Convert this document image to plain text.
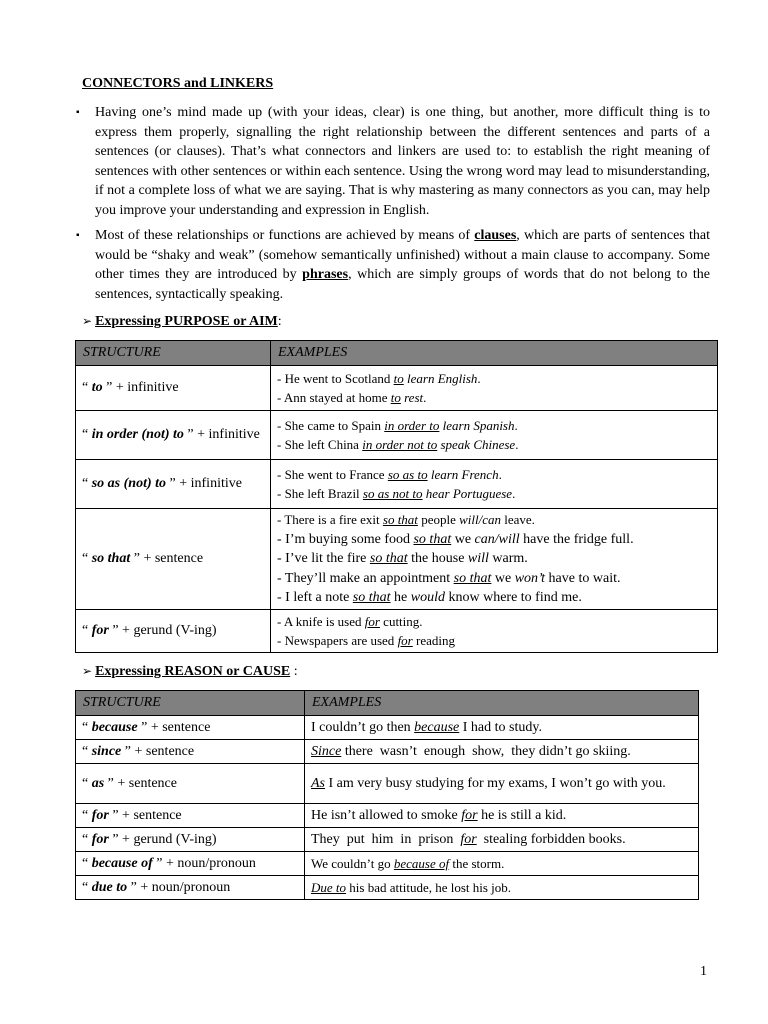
CONNECTORS and LINKERS
▪ Having one’s mind made up (with your ideas, clear) is one thing, but another, more difficult thing is to express them properly, signalling the right relationship between the different sentences and parts of a sentences (or clauses). That’s what connectors and linkers are used to: to establish the right meaning of sentences with other sentences or within each sentence. Using the wrong word may lead to misunderstanding, if not a complete loss of what we are saying. That is why mastering as many connectors as you can, may help you improve your understanding and expression in English.
▪ Most of these relationships or functions are achieved by means of clauses, which are parts of sentences that would be “shaky and weak” (somehow semantically unfinished) without a main clause to accompany. Some other times they are introduced by phrases, which are simply groups of words that do not belong to the sentences, syntactically speaking.
➢ Expressing PURPOSE or AIM:
STRUCTURE	EXAMPLES
“ to ” + infinitive	- He went to Scotland to learn English.
- Ann stayed at home to rest.

“ in order (not) to ” + infinitive	- She came to Spain in order to learn Spanish.
- She left China in order not to speak Chinese.

“ so as (not) to ” + infinitive	- She went to France so as to learn French.
- She left Brazil so as not to hear Portuguese.

“ so that ” + sentence	- There is a fire exit so that people will/can leave.
- I’m buying some food so that we can/will have the fridge full.
- I’ve lit the fire so that the house will warm.
- They’ll make an appointment so that we won’t have to wait.
- I left a note so that he would know where to find me.

“ for ” + gerund (V-ing)	- A knife is used for cutting.
- Newspapers are used for reading
➢ Expressing REASON or CAUSE :
STRUCTURE	EXAMPLES
“ because ” + sentence	I couldn’t go then because I had to study.
“ since ” + sentence	Since there  wasn’t  enough  show,  they didn’t go skiing.
“ as ” + sentence	As I am very busy studying for my exams, I won’t go with you.
“ for ” + sentence	He isn’t allowed to smoke for he is still a kid.
“ for ” + gerund (V-ing)	They  put  him  in  prison  for  stealing forbidden books.
“ because of ” + noun/pronoun	We couldn’t go because of the storm.
“ due to ” + noun/pronoun	Due to his bad attitude, he lost his job.
1
